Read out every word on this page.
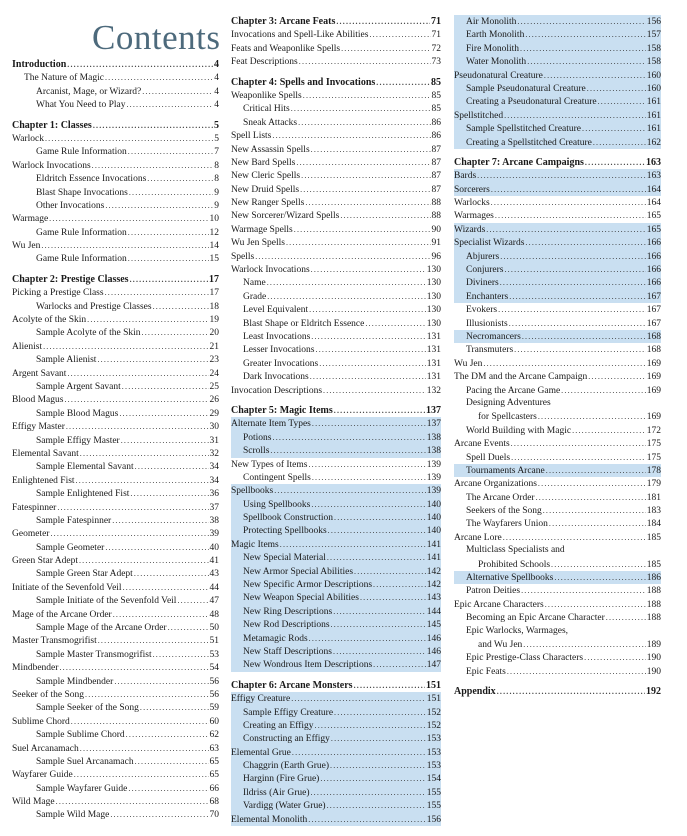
Contents
Introduction .....	4
The Nature of Magic .....	4
Arcanist, Mage, or Wizard? .....	4
What You Need to Play .....	4
Chapter 1: Classes .....	5
Warlock .....	5
Game Rule Information .....	7
Warlock Invocations .....	8
Eldritch Essence Invocations .....	8
Blast Shape Invocations .....	9
Other Invocations .....	9
Warmage .....	10
Game Rule Information .....	12
Wu Jen .....	14
Game Rule Information .....	15
Chapter 2: Prestige Classes .....	17
Picking a Prestige Class .....	17
Warlocks and Prestige Classes .....	18
Acolyte of the Skin .....	19
Sample Acolyte of the Skin .....	20
Alienist .....	21
Sample Alienist .....	23
Argent Savant .....	24
Sample Argent Savant .....	25
Blood Magus .....	26
Sample Blood Magus .....	29
Effigy Master .....	30
Sample Effigy Master .....	31
Elemental Savant .....	32
Sample Elemental Savant .....	34
Enlightened Fist .....	34
Sample Enlightened Fist .....	36
Fatespinner .....	37
Sample Fatespinner .....	38
Geometer .....	39
Sample Geometer .....	40
Green Star Adept .....	41
Sample Green Star Adept .....	43
Initiate of the Sevenfold Veil .....	44
Sample Initiate of the Sevenfold Veil .....	47
Mage of the Arcane Order .....	48
Sample Mage of the Arcane Order .....	50
Master Transmogrifist .....	51
Sample Master Transmogrifist .....	53
Mindbender .....	54
Sample Mindbender .....	56
Seeker of the Song .....	56
Sample Seeker of the Song .....	59
Sublime Chord .....	60
Sample Sublime Chord .....	62
Suel Arcanamach .....	63
Sample Suel Arcanamach .....	65
Wayfarer Guide .....	65
Sample Wayfarer Guide .....	66
Wild Mage .....	68
Sample Wild Mage .....	70
Chapter 3: Arcane Feats .....	71
Invocations and Spell-Like Abilities .....	71
Feats and Weaponlike Spells .....	72
Feat Descriptions .....	73
Chapter 4: Spells and Invocations .....	85
Weaponlike Spells .....	85
Critical Hits .....	85
Sneak Attacks .....	86
Spell Lists .....	86
New Assassin Spells .....	87
New Bard Spells .....	87
New Cleric Spells .....	87
New Druid Spells .....	87
New Ranger Spells .....	88
New Sorcerer/Wizard Spells .....	88
Warmage Spells .....	90
Wu Jen Spells .....	91
Spells .....	96
Warlock Invocations .....	130
Name .....	130
Grade .....	130
Level Equivalent .....	130
Blast Shape or Eldritch Essence .....	130
Least Invocations .....	131
Lesser Invocations .....	131
Greater Invocations .....	131
Dark Invocations .....	131
Invocation Descriptions .....	132
Chapter 5: Magic Items .....	137
Alternate Item Types .....	137
Potions .....	138
Scrolls .....	138
New Types of Items .....	139
Contingent Spells .....	139
Spellbooks .....	139
Using Spellbooks .....	140
Spellbook Construction .....	140
Protecting Spellbooks .....	140
Magic Items .....	141
New Special Material .....	141
New Armor Special Abilities .....	142
New Specific Armor Descriptions .....	142
New Weapon Special Abilities .....	143
New Ring Descriptions .....	144
New Rod Descriptions .....	145
Metamagic Rods .....	146
New Staff Descriptions .....	146
New Wondrous Item Descriptions .....	147
Chapter 6: Arcane Monsters .....	151
Effigy Creature .....	151
Sample Effigy Creature .....	152
Creating an Effigy .....	152
Constructing an Effigy .....	153
Elemental Grue .....	153
Chaggrin (Earth Grue) .....	153
Harginn (Fire Grue) .....	154
Ildriss (Air Grue) .....	155
Vardigg (Water Grue) .....	155
Elemental Monolith .....	156
Air Monolith .....	156
Earth Monolith .....	157
Fire Monolith .....	158
Water Monolith .....	158
Pseudonatural Creature .....	160
Sample Pseudonatural Creature .....	160
Creating a Pseudonatural Creature .....	161
Spellstitched .....	161
Sample Spellstitched Creature .....	161
Creating a Spellstitched Creature .....	162
Chapter 7: Arcane Campaigns .....	163
Bards .....	163
Sorcerers .....	164
Warlocks .....	164
Warmages .....	165
Wizards .....	165
Specialist Wizards .....	166
Abjurers .....	166
Conjurers .....	166
Diviners .....	166
Enchanters .....	167
Evokers .....	167
Illusionists .....	167
Necromancers .....	168
Transmuters .....	168
Wu Jen .....	169
The DM and the Arcane Campaign .....	169
Pacing the Arcane Game .....	169
Designing Adventures
for Spellcasters .....	169
World Building with Magic .....	172
Arcane Events .....	175
Spell Duels .....	175
Tournaments Arcane .....	178
Arcane Organizations .....	179
The Arcane Order .....	181
Seekers of the Song .....	183
The Wayfarers Union .....	184
Arcane Lore .....	185
Multiclass Specialists and
Prohibited Schools .....	185
Alternative Spellbooks .....	186
Patron Deities .....	188
Epic Arcane Characters .....	188
Becoming an Epic Arcane Character .....	188
Epic Warlocks, Warmages,
and Wu Jen .....	189
Epic Prestige-Class Characters .....	190
Epic Feats .....	190
Appendix .....	192
